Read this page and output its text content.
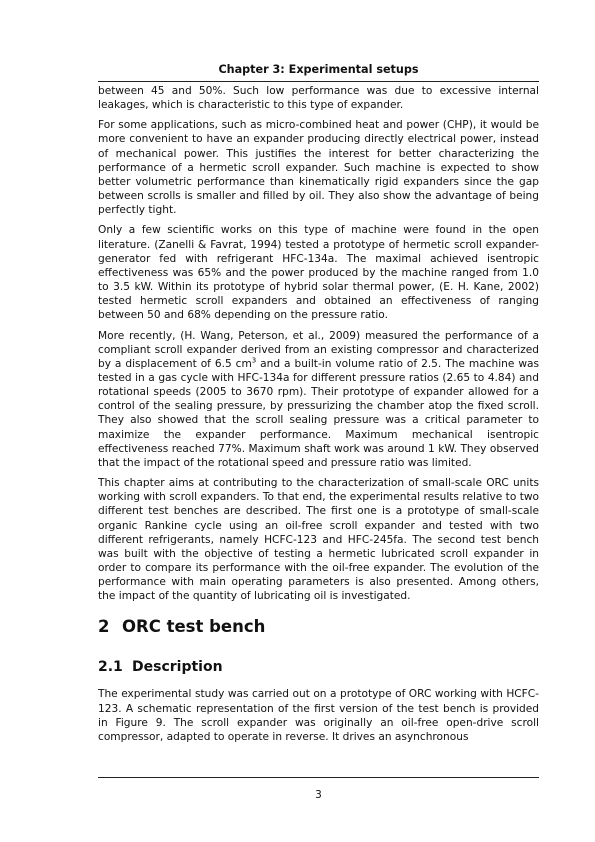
Chapter 3: Experimental setups

between 45 and 50%. Such low performance was due to excessive internal leakages, which is characteristic to this type of expander.

For some applications, such as micro-combined heat and power (CHP), it would be more convenient to have an expander producing directly electrical power, instead of mechanical power. This justifies the interest for better characterizing the performance of a hermetic scroll expander. Such machine is expected to show better volumetric performance than kinematically rigid expanders since the gap between scrolls is smaller and filled by oil. They also show the advantage of being perfectly tight.

Only a few scientific works on this type of machine were found in the open literature. (Zanelli & Favrat, 1994) tested a prototype of hermetic scroll expander-generator fed with refrigerant HFC-134a. The maximal achieved isentropic effectiveness was 65% and the power produced by the machine ranged from 1.0 to 3.5 kW. Within its prototype of hybrid solar thermal power, (E. H. Kane, 2002) tested hermetic scroll expanders and obtained an effectiveness of ranging between 50 and 68% depending on the pressure ratio.

More recently, (H. Wang, Peterson, et al., 2009) measured the performance of a compliant scroll expander derived from an existing compressor and characterized by a displacement of 6.5 $cm^3$ and a built-in volume ratio of 2.5. The machine was tested in a gas cycle with HFC-134a for different pressure ratios (2.65 to 4.84) and rotational speeds (2005 to 3670 rpm). Their prototype of expander allowed for a control of the sealing pressure, by pressurizing the chamber atop the fixed scroll. They also showed that the scroll sealing pressure was a critical parameter to maximize the expander performance. Maximum mechanical isentropic effectiveness reached 77%. Maximum shaft work was around 1 kW. They observed that the impact of the rotational speed and pressure ratio was limited.

This chapter aims at contributing to the characterization of small-scale ORC units working with scroll expanders. To that end, the experimental results relative to two different test benches are described. The first one is a prototype of small-scale organic Rankine cycle using an oil-free scroll expander and tested with two different refrigerants, namely HCFC-123 and HFC-245fa. The second test bench was built with the objective of testing a hermetic lubricated scroll expander in order to compare its performance with the oil-free expander. The evolution of the performance with main operating parameters is also presented. Among others, the impact of the quantity of lubricating oil is investigated.

2 ORC test bench
2.1 Description

The experimental study was carried out on a prototype of ORC working with HCFC-123. A schematic representation of the first version of the test bench is provided in Figure 9. The scroll expander was originally an oil-free open-drive scroll compressor, adapted to operate in reverse. It drives an asynchronous

3
